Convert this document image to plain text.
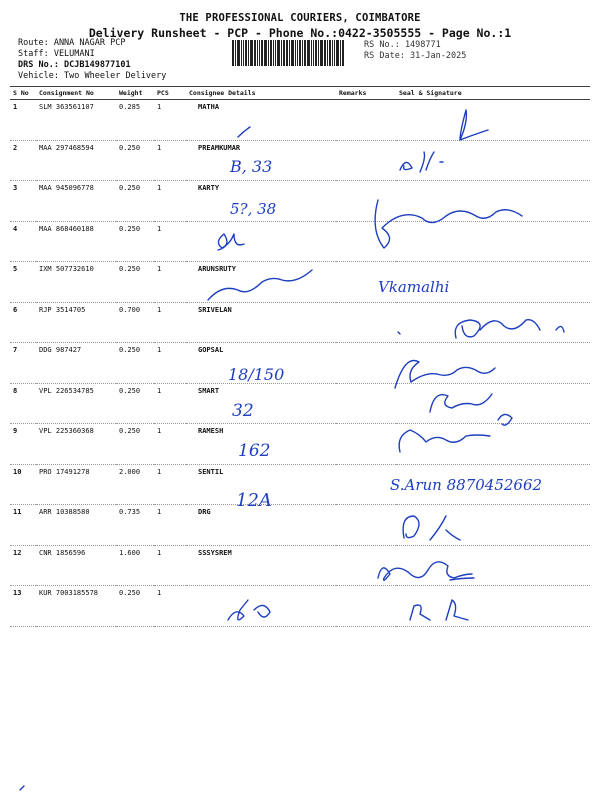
THE PROFESSIONAL COURIERS, COIMBATORE
Delivery Runsheet - PCP - Phone No.:0422-3505555 - Page No.:1
Route: ANNA NAGAR PCP
Staff: VELUMANI
DRS No.: DCJB149877101
Vehicle: Two Wheeler Delivery
RS No.: 1498771
RS Date: 31-Jan-2025
S No	Consignment No	Weight	PCS	Consignee Details	Remarks	Seal & Signature
1	SLM 363561107	0.285	1	MATHA		
2	MAA 297468594	0.250	1	PREAMKUMAR		
3	MAA 945096778	0.250	1	KARTY		
4	MAA 868460188	0.250	1			
5	IXM 507732610	0.250	1	ARUNSRUTY		
6	RJP 3514705	0.700	1	SRIVELAN		
7	DDG 987427	0.250	1	GOPSAL		
8	VPL 226534785	0.250	1	SMART		
9	VPL 225360368	0.250	1	RAMESH		
10	PRO 17491278	2.000	1	SENTIL		
11	ARR 10388580	0.735	1	DRG		
12	CNR 1856596	1.600	1	SSSYSREM		
13	KUR 7003185578	0.250	1			
B, 33
5?, 38
Vkamalhi
18/150
32
162
12A
S.Arun 8870452662
